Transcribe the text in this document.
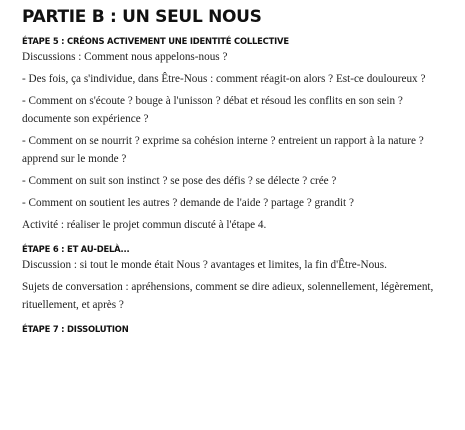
PARTIE B : UN SEUL NOUS
ÉTAPE 5 : CRÉONS ACTIVEMENT UNE IDENTITÉ COLLECTIVE

Discussions : Comment nous appelons-nous ?

- Des fois, ça s'individue, dans Être-Nous : comment réagit-on alors ? Est-ce douloureux ?

- Comment on s'écoute ? bouge à l'unisson ? débat et résoud les conflits en son sein ? documente son expérience ?

- Comment on se nourrit ? exprime sa cohésion interne ? entreient un rapport à la nature ? apprend sur le monde ?

- Comment on suit son instinct ? se pose des défis ? se délecte ? crée ?

- Comment on soutient les autres ? demande de l'aide ? partage ? grandit ?

Activité : réaliser le projet commun discuté à l'étape 4.

ÉTAPE 6 : ET AU-DELÀ...

Discussion : si tout le monde était Nous ? avantages et limites, la fin d'Être-Nous.

Sujets de conversation : apréhensions, comment se dire adieux, solennellement, légèrement, rituellement, et après ?

ÉTAPE 7 : DISSOLUTION
